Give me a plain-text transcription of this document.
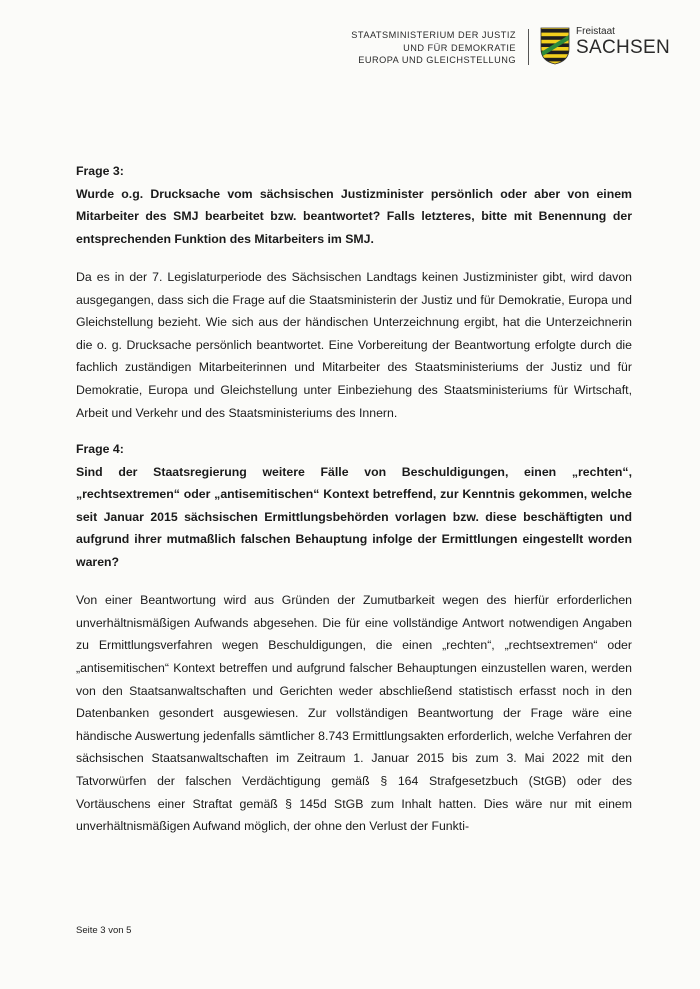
STAATSMINISTERIUM DER JUSTIZ
UND FÜR DEMOKRATIE
EUROPA UND GLEICHSTELLUNG
Freistaat
SACHSEN

Frage 3:

Wurde o.g. Drucksache vom sächsischen Justizminister persönlich oder aber von einem Mitarbeiter des SMJ bearbeitet bzw. beantwortet? Falls letzteres, bitte mit Benennung der entsprechenden Funktion des Mitarbeiters im SMJ.

Da es in der 7. Legislaturperiode des Sächsischen Landtags keinen Justizminister gibt, wird davon ausgegangen, dass sich die Frage auf die Staatsministerin der Justiz und für Demokratie, Europa und Gleichstellung bezieht. Wie sich aus der händischen Unterzeichnung ergibt, hat die Unterzeichnerin die o. g. Drucksache persönlich beantwortet. Eine Vorbereitung der Beantwortung erfolgte durch die fachlich zuständigen Mitarbeiterinnen und Mitarbeiter des Staatsministeriums der Justiz und für Demokratie, Europa und Gleichstellung unter Einbeziehung des Staatsministeriums für Wirtschaft, Arbeit und Verkehr und des Staatsministeriums des Innern.

Frage 4:

Sind der Staatsregierung weitere Fälle von Beschuldigungen, einen „rechten“, „rechtsextremen“ oder „antisemitischen“ Kontext betreffend, zur Kenntnis gekommen, welche seit Januar 2015 sächsischen Ermittlungsbehörden vorlagen bzw. diese beschäftigten und aufgrund ihrer mutmaßlich falschen Behauptung infolge der Ermittlungen eingestellt worden waren?

Von einer Beantwortung wird aus Gründen der Zumutbarkeit wegen des hierfür erforderlichen unverhältnismäßigen Aufwands abgesehen. Die für eine vollständige Antwort notwendigen Angaben zu Ermittlungsverfahren wegen Beschuldigungen, die einen „rechten“, „rechtsextremen“ oder „antisemitischen“ Kontext betreffen und aufgrund falscher Behauptungen einzustellen waren, werden von den Staatsanwaltschaften und Gerichten weder abschließend statistisch erfasst noch in den Datenbanken gesondert ausgewiesen. Zur vollständigen Beantwortung der Frage wäre eine händische Auswertung jedenfalls sämtlicher 8.743 Ermittlungsakten erforderlich, welche Verfahren der sächsischen Staatsanwaltschaften im Zeitraum 1. Januar 2015 bis zum 3. Mai 2022 mit den Tatvorwürfen der falschen Verdächtigung gemäß § 164 Strafgesetzbuch (StGB) oder des Vortäuschens einer Straftat gemäß § 145d StGB zum Inhalt hatten. Dies wäre nur mit einem unverhältnismäßigen Aufwand möglich, der ohne den Verlust der Funkti-

Seite 3 von 5
